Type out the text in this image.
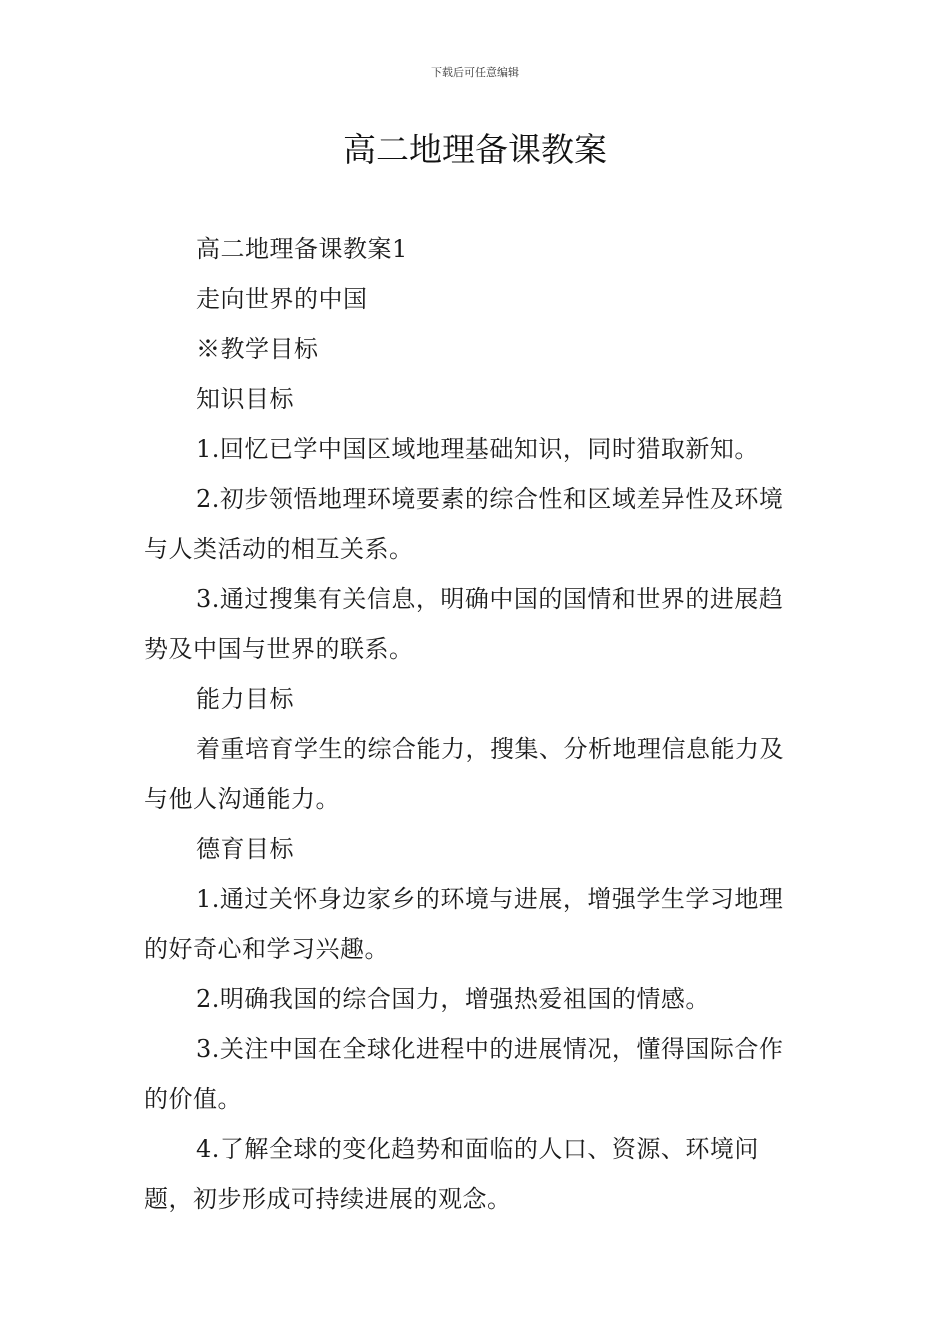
下载后可任意编辑
高二地理备课教案

高二地理备课教案1

走向世界的中国

※教学目标

知识目标

1.回忆已学中国区域地理基础知识，同时猎取新知。

2.初步领悟地理环境要素的综合性和区域差异性及环境与人类活动的相互关系。

3.通过搜集有关信息，明确中国的国情和世界的进展趋势及中国与世界的联系。

能力目标

着重培育学生的综合能力，搜集、分析地理信息能力及与他人沟通能力。

德育目标

1.通过关怀身边家乡的环境与进展，增强学生学习地理的好奇心和学习兴趣。

2.明确我国的综合国力，增强热爱祖国的情感。

3.关注中国在全球化进程中的进展情况，懂得国际合作的价值。

4.了解全球的变化趋势和面临的人口、资源、环境问题，初步形成可持续进展的观念。
